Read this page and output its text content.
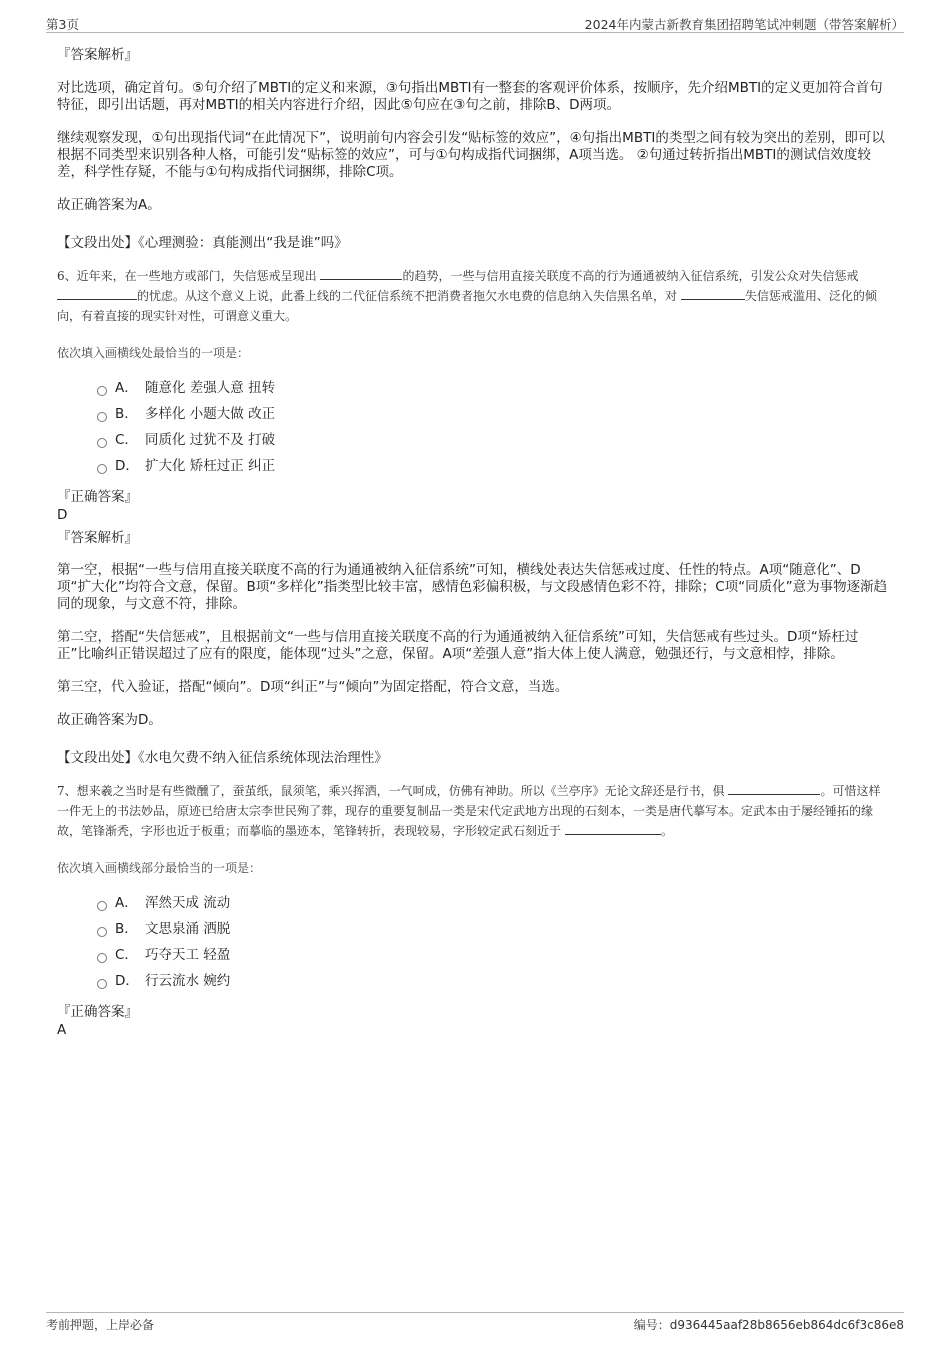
第3页	2024年内蒙古新教育集团招聘笔试冲刺题（带答案解析）

『答案解析』

对比选项，确定首句。⑤句介绍了MBTI的定义和来源，③句指出MBTI有一整套的客观评价体系，按顺序，先介绍MBTI的定义更加符合首句特征，即引出话题，再对MBTI的相关内容进行介绍，因此⑤句应在③句之前，排除B、D两项。

继续观察发现，①句出现指代词“在此情况下”，说明前句内容会引发“贴标签的效应”，④句指出MBTI的类型之间有较为突出的差别，即可以根据不同类型来识别各种人格，可能引发“贴标签的效应”，可与①句构成指代词捆绑，A项当选。 ②句通过转折指出MBTI的测试信效度较差，科学性存疑，不能与①句构成指代词捆绑，排除C项。

故正确答案为A。

【文段出处】《心理测验：真能测出“我是谁”吗》

6、近年来，在一些地方或部门，失信惩戒呈现出	的趋势，一些与信用直接关联度不高的行为通通被纳入征信系统，引发公众对失信惩戒 的忧虑。从这个意义上说，此番上线的二代征信系统不把消费者拖欠水电费的信息纳入失信黑名单，对	失信惩戒滥用、泛化的倾向，有着直接的现实针对性，可谓意义重大。

依次填入画横线处最恰当的一项是：

A． 随意化 差强人意 扭转
B． 多样化 小题大做 改正
C． 同质化 过犹不及 打破
D． 扩大化 矫枉过正 纠正

『正确答案』

D

『答案解析』

第一空，根据“一些与信用直接关联度不高的行为通通被纳入征信系统”可知，横线处表达失信惩戒过度、任性的特点。A项“随意化”、D项“扩大化”均符合文意，保留。B项“多样化”指类型比较丰富，感情色彩偏积极，与文段感情色彩不符，排除；C项“同质化”意为事物逐渐趋同的现象，与文意不符，排除。

第二空，搭配“失信惩戒”，且根据前文“一些与信用直接关联度不高的行为通通被纳入征信系统”可知，失信惩戒有些过头。D项“矫枉过正”比喻纠正错误超过了应有的限度，能体现“过头”之意，保留。A项“差强人意”指大体上使人满意，勉强还行，与文意相悖，排除。

第三空，代入验证，搭配“倾向”。D项“纠正”与“倾向”为固定搭配，符合文意，当选。

故正确答案为D。

【文段出处】《水电欠费不纳入征信系统体现法治理性》

7、想来羲之当时是有些微醺了，蚕茧纸，鼠须笔，乘兴挥洒，一气呵成，仿佛有神助。所以《兰亭序》无论文辞还是行书，俱	。可惜这样一件无上的书法妙品，原迹已给唐太宗李世民殉了葬，现存的重要复制品一类是宋代定武地方出现的石刻本，一类是唐代摹写本。定武本由于屡经锤拓的缘故，笔锋渐秃，字形也近于板重；而摹临的墨迹本，笔锋转折，表现较易，字形较定武石刻近于	。

依次填入画横线部分最恰当的一项是：

A． 浑然天成 流动
B． 文思泉涌 洒脱
C． 巧夺天工 轻盈
D． 行云流水 婉约

『正确答案』

A

考前押题，上岸必备	编号：d936445aaf28b8656eb864dc6f3c86e8
